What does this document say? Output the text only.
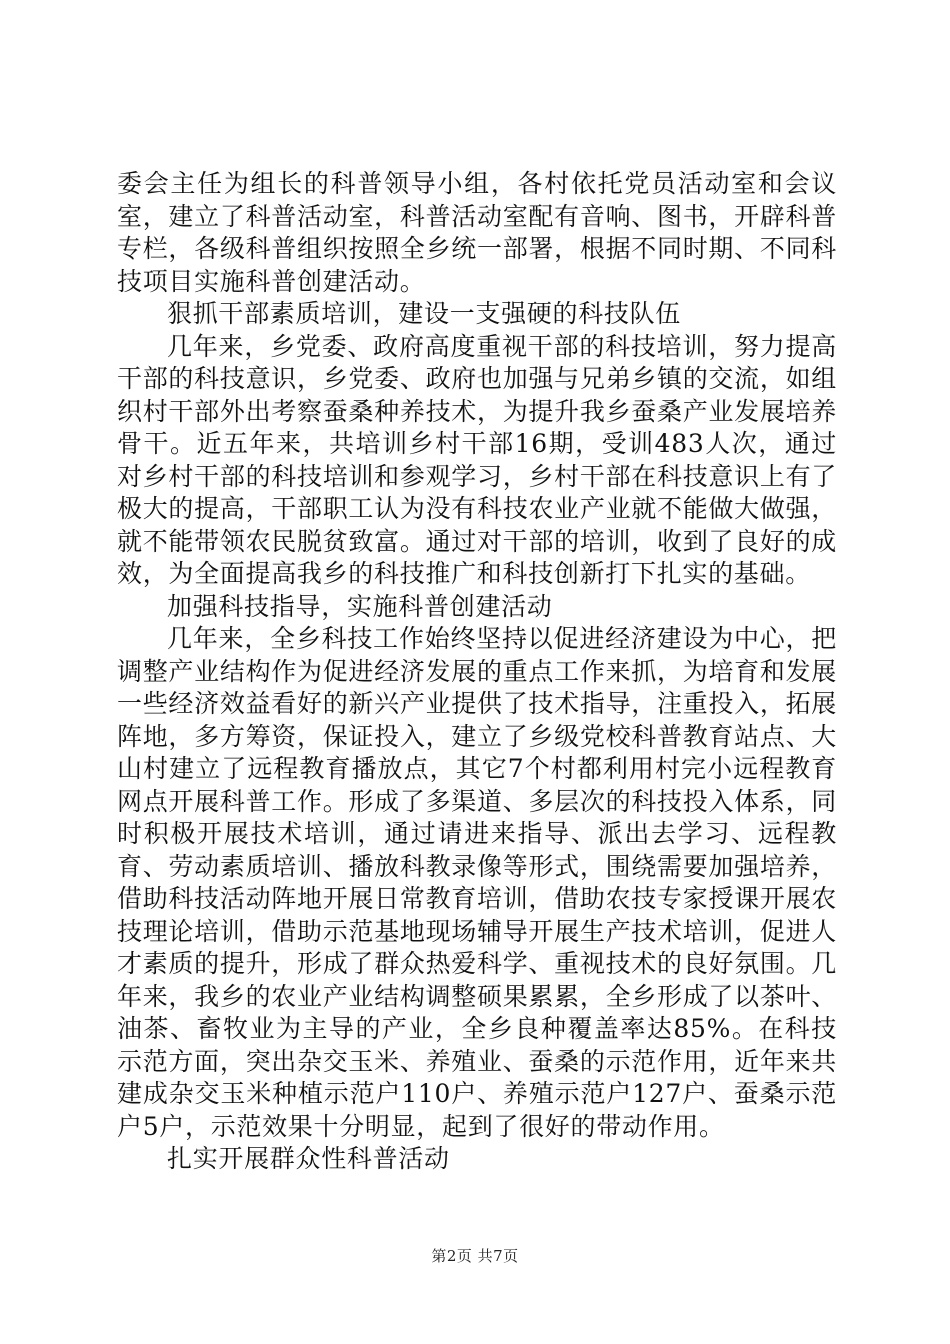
委会主任为组长的科普领导小组，各村依托党员活动室和会议室，建立了科普活动室，科普活动室配有音响、图书，开辟科普专栏，各级科普组织按照全乡统一部署，根据不同时期、不同科技项目实施科普创建活动。

狠抓干部素质培训，建设一支强硬的科技队伍

几年来，乡党委、政府高度重视干部的科技培训，努力提高干部的科技意识，乡党委、政府也加强与兄弟乡镇的交流，如组织村干部外出考察蚕桑种养技术，为提升我乡蚕桑产业发展培养骨干。近五年来，共培训乡村干部16期，受训483人次，通过对乡村干部的科技培训和参观学习，乡村干部在科技意识上有了极大的提高，干部职工认为没有科技农业产业就不能做大做强，就不能带领农民脱贫致富。通过对干部的培训，收到了良好的成效，为全面提高我乡的科技推广和科技创新打下扎实的基础。

加强科技指导，实施科普创建活动

几年来，全乡科技工作始终坚持以促进经济建设为中心，把调整产业结构作为促进经济发展的重点工作来抓，为培育和发展一些经济效益看好的新兴产业提供了技术指导，注重投入，拓展阵地，多方筹资，保证投入，建立了乡级党校科普教育站点、大山村建立了远程教育播放点，其它7个村都利用村完小远程教育网点开展科普工作。形成了多渠道、多层次的科技投入体系，同时积极开展技术培训，通过请进来指导、派出去学习、远程教育、劳动素质培训、播放科教录像等形式，围绕需要加强培养，借助科技活动阵地开展日常教育培训，借助农技专家授课开展农技理论培训，借助示范基地现场辅导开展生产技术培训，促进人才素质的提升，形成了群众热爱科学、重视技术的良好氛围。几年来，我乡的农业产业结构调整硕果累累，全乡形成了以茶叶、油茶、畜牧业为主导的产业，全乡良种覆盖率达85%。在科技示范方面，突出杂交玉米、养殖业、蚕桑的示范作用，近年来共建成杂交玉米种植示范户110户、养殖示范户127户、蚕桑示范户5户，示范效果十分明显，起到了很好的带动作用。

扎实开展群众性科普活动

第2页 共7页
